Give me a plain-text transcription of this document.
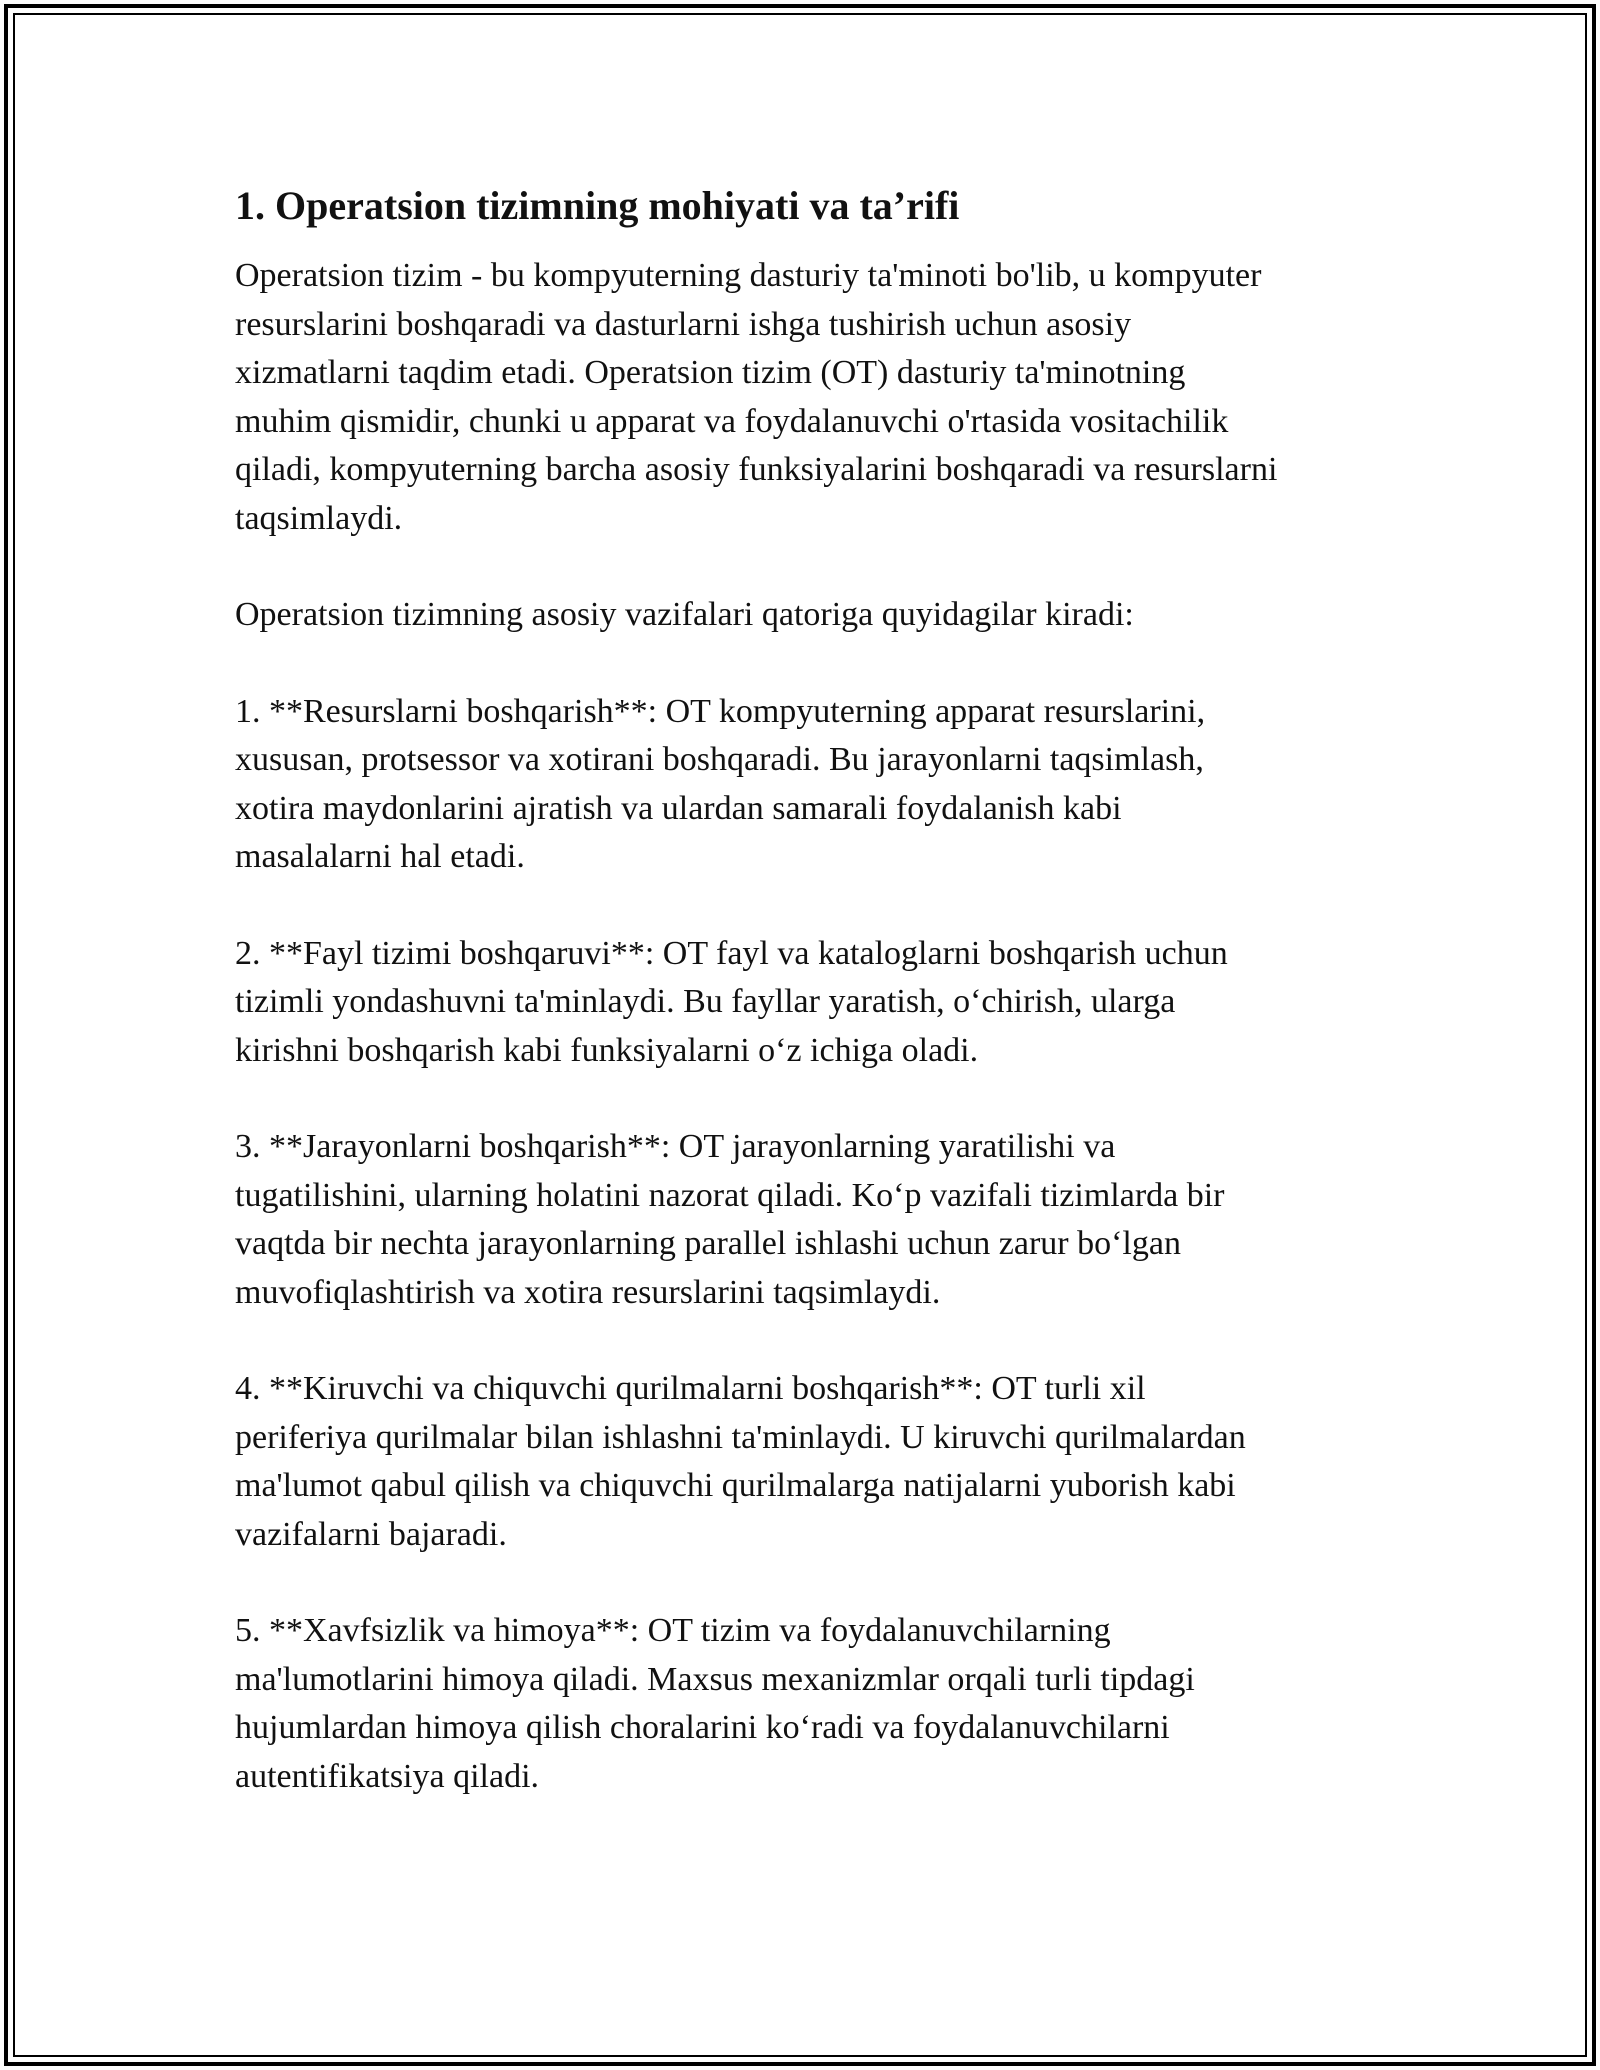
1. Operatsion tizimning mohiyati va ta’rifi

Operatsion tizim - bu kompyuterning dasturiy ta'minoti bo'lib, u kompyuter
resurslarini boshqaradi va dasturlarni ishga tushirish uchun asosiy
xizmatlarni taqdim etadi. Operatsion tizim (OT) dasturiy ta'minotning
muhim qismidir, chunki u apparat va foydalanuvchi o'rtasida vositachilik
qiladi, kompyuterning barcha asosiy funksiyalarini boshqaradi va resurslarni
taqsimlaydi.

Operatsion tizimning asosiy vazifalari qatoriga quyidagilar kiradi:

1. **Resurslarni boshqarish**: OT kompyuterning apparat resurslarini,
xususan, protsessor va xotirani boshqaradi. Bu jarayonlarni taqsimlash,
xotira maydonlarini ajratish va ulardan samarali foydalanish kabi
masalalarni hal etadi.

2. **Fayl tizimi boshqaruvi**: OT fayl va kataloglarni boshqarish uchun
tizimli yondashuvni ta'minlaydi. Bu fayllar yaratish, o‘chirish, ularga
kirishni boshqarish kabi funksiyalarni o‘z ichiga oladi.

3. **Jarayonlarni boshqarish**: OT jarayonlarning yaratilishi va
tugatilishini, ularning holatini nazorat qiladi. Ko‘p vazifali tizimlarda bir
vaqtda bir nechta jarayonlarning parallel ishlashi uchun zarur bo‘lgan
muvofiqlashtirish va xotira resurslarini taqsimlaydi.

4. **Kiruvchi va chiquvchi qurilmalarni boshqarish**: OT turli xil
periferiya qurilmalar bilan ishlashni ta'minlaydi. U kiruvchi qurilmalardan
ma'lumot qabul qilish va chiquvchi qurilmalarga natijalarni yuborish kabi
vazifalarni bajaradi.

5. **Xavfsizlik va himoya**: OT tizim va foydalanuvchilarning
ma'lumotlarini himoya qiladi. Maxsus mexanizmlar orqali turli tipdagi
hujumlardan himoya qilish choralarini ko‘radi va foydalanuvchilarni
autentifikatsiya qiladi.
